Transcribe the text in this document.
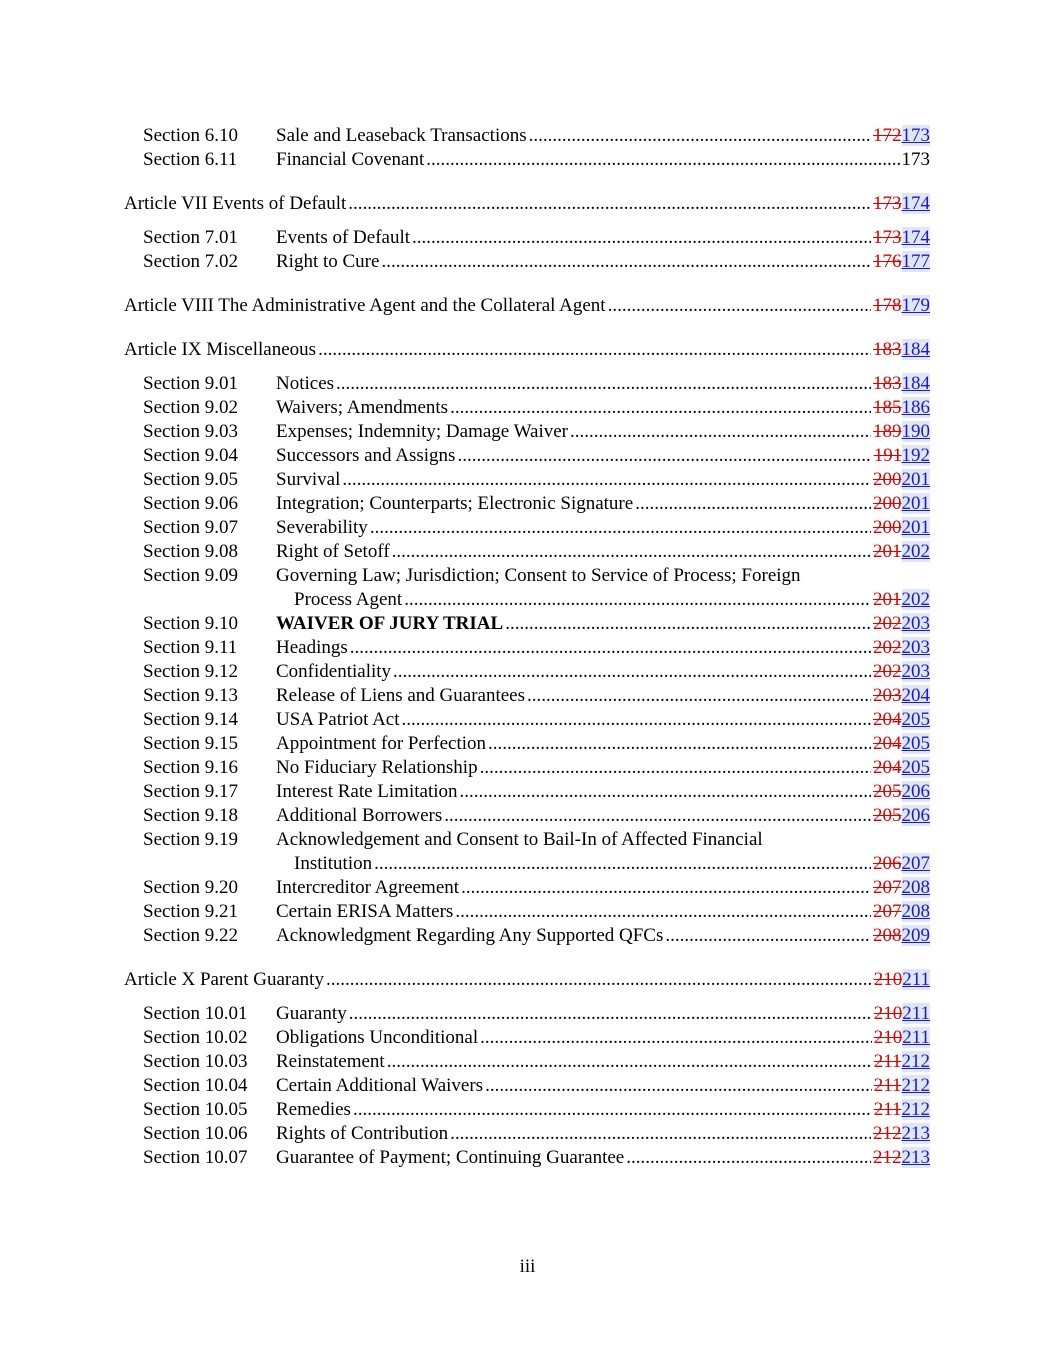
Section 6.10 Sale and Leaseback Transactions .....	172173
Section 6.11 Financial Covenant .....	173
Article VII Events of Default .....	173174
Section 7.01 Events of Default .....	173174
Section 7.02 Right to Cure .....	176177
Article VIII The Administrative Agent and the Collateral Agent .....	178179
Article IX Miscellaneous .....	183184
Section 9.01 Notices .....	183184
Section 9.02 Waivers; Amendments .....	185186
Section 9.03 Expenses; Indemnity; Damage Waiver .....	189190
Section 9.04 Successors and Assigns .....	191192
Section 9.05 Survival .....	200201
Section 9.06 Integration; Counterparts; Electronic Signature .....	200201
Section 9.07 Severability .....	200201
Section 9.08 Right of Setoff .....	201202
Section 9.09 Governing Law; Jurisdiction; Consent to Service of Process; Foreign
Process Agent .....	201202
Section 9.10 WAIVER OF JURY TRIAL .....	202203
Section 9.11 Headings .....	202203
Section 9.12 Confidentiality .....	202203
Section 9.13 Release of Liens and Guarantees .....	203204
Section 9.14 USA Patriot Act .....	204205
Section 9.15 Appointment for Perfection .....	204205
Section 9.16 No Fiduciary Relationship .....	204205
Section 9.17 Interest Rate Limitation .....	205206
Section 9.18 Additional Borrowers .....	205206
Section 9.19 Acknowledgement and Consent to Bail-In of Affected Financial
Institution .....	206207
Section 9.20 Intercreditor Agreement .....	207208
Section 9.21 Certain ERISA Matters .....	207208
Section 9.22 Acknowledgment Regarding Any Supported QFCs .....	208209
Article X Parent Guaranty .....	210211
Section 10.01 Guaranty .....	210211
Section 10.02 Obligations Unconditional .....	210211
Section 10.03 Reinstatement .....	211212
Section 10.04 Certain Additional Waivers .....	211212
Section 10.05 Remedies .....	211212
Section 10.06 Rights of Contribution .....	212213
Section 10.07 Guarantee of Payment; Continuing Guarantee .....	212213
iii
